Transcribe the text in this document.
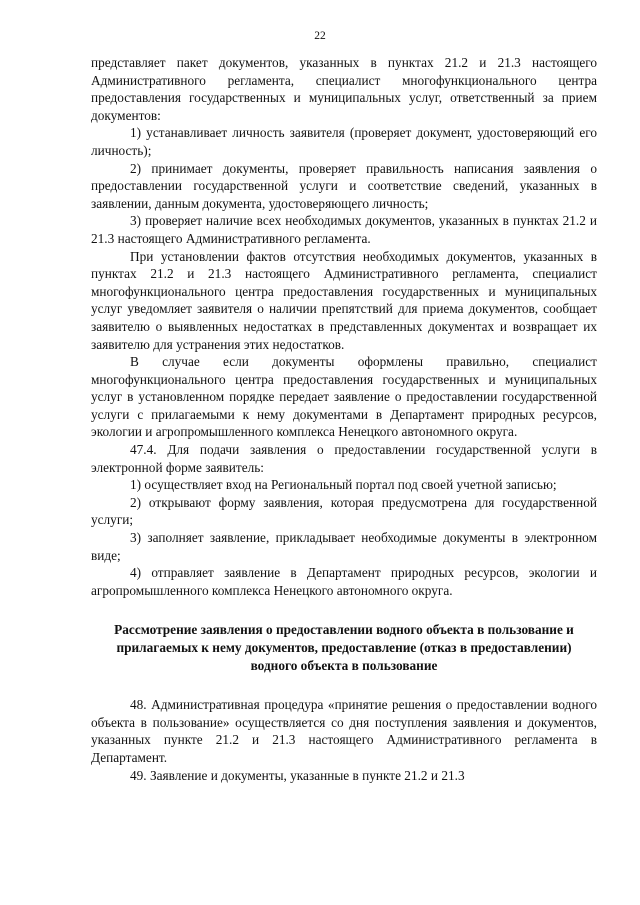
22

представляет пакет документов, указанных в пунктах 21.2 и 21.3 настоящего Административного регламента, специалист многофункционального центра предоставления государственных и муниципальных услуг, ответственный за прием документов:

1) устанавливает личность заявителя (проверяет документ, удостоверяющий его личность);

2) принимает документы, проверяет правильность написания заявления о предоставлении государственной услуги и соответствие сведений, указанных в заявлении, данным документа, удостоверяющего личность;

3) проверяет наличие всех необходимых документов, указанных в пунктах 21.2 и 21.3 настоящего Административного регламента.

При установлении фактов отсутствия необходимых документов, указанных в пунктах 21.2 и 21.3 настоящего Административного регламента, специалист многофункционального центра предоставления государственных и муниципальных услуг уведомляет заявителя о наличии препятствий для приема документов, сообщает заявителю о выявленных недостатках в представленных документах и возвращает их заявителю для устранения этих недостатков.

В случае если документы оформлены правильно, специалист многофункционального центра предоставления государственных и муниципальных услуг в установленном порядке передает заявление о предоставлении государственной услуги с прилагаемыми к нему документами в Департамент природных ресурсов, экологии и агропромышленного комплекса Ненецкого автономного округа.

47.4. Для подачи заявления о предоставлении государственной услуги в электронной форме заявитель:

1) осуществляет вход на Региональный портал под своей учетной записью;

2) открывают форму заявления, которая предусмотрена для государственной услуги;

3) заполняет заявление, прикладывает необходимые документы в электронном виде;

4) отправляет заявление в Департамент природных ресурсов, экологии и агропромышленного комплекса Ненецкого автономного округа.

Рассмотрение заявления о предоставлении водного объекта в пользование и прилагаемых к нему документов, предоставление (отказ в предоставлении) водного объекта в пользование

48. Административная процедура «принятие решения о предоставлении водного объекта в пользование» осуществляется со дня поступления заявления и документов, указанных пункте 21.2 и 21.3 настоящего Административного регламента в Департамент.

49. Заявление и документы, указанные в пункте 21.2 и 21.3
